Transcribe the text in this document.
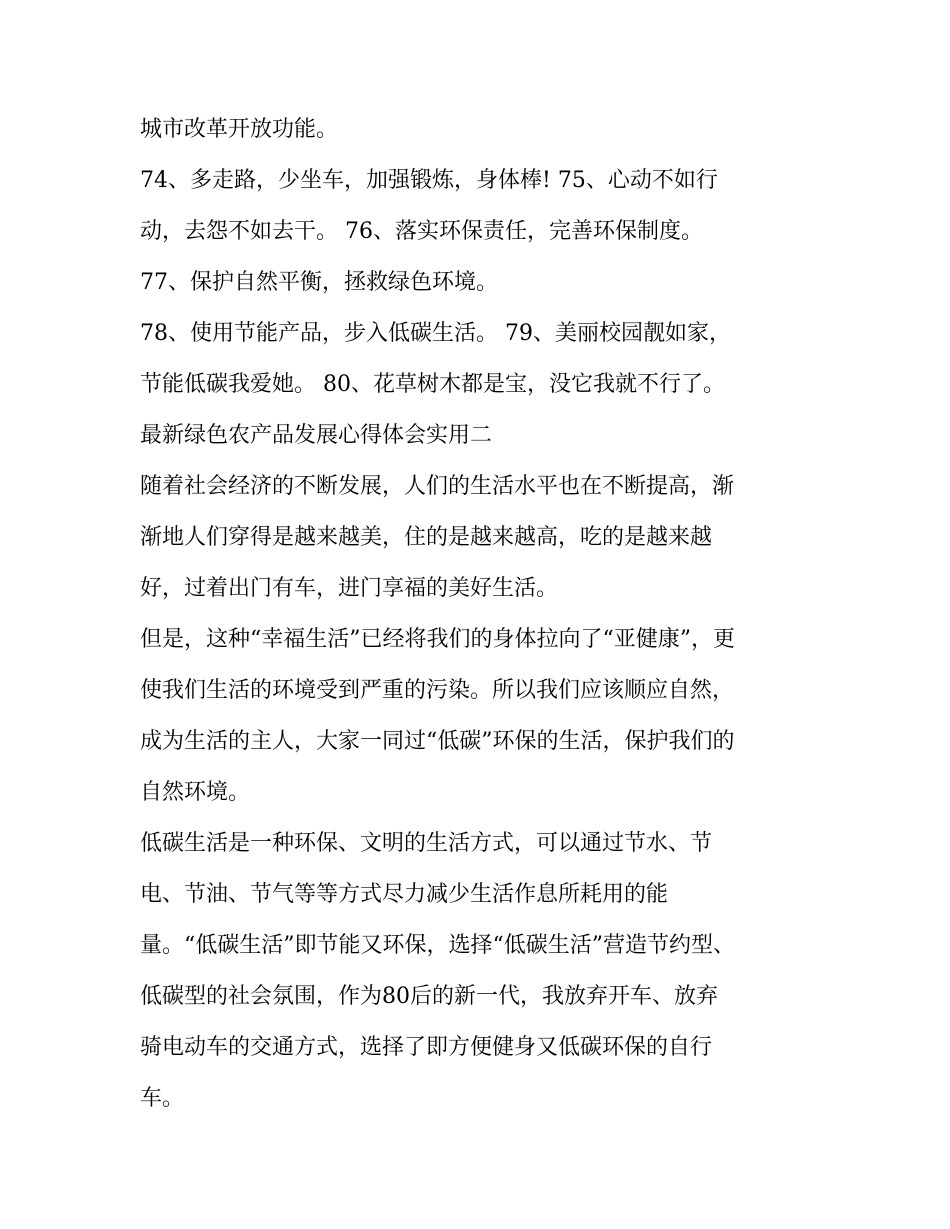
城市改革开放功能。
74、多走路，少坐车，加强锻炼，身体棒! 75、心动不如行
动，去怨不如去干。 76、落实环保责任，完善环保制度。
77、保护自然平衡，拯救绿色环境。
78、使用节能产品，步入低碳生活。 79、美丽校园靓如家，
节能低碳我爱她。 80、花草树木都是宝，没它我就不行了。
最新绿色农产品发展心得体会实用二
随着社会经济的不断发展，人们的生活水平也在不断提高，渐
渐地人们穿得是越来越美，住的是越来越高，吃的是越来越
好，过着出门有车，进门享福的美好生活。
但是，这种“幸福生活”已经将我们的身体拉向了“亚健康”，更
使我们生活的环境受到严重的污染。所以我们应该顺应自然，
成为生活的主人，大家一同过“低碳”环保的生活，保护我们的
自然环境。
低碳生活是一种环保、文明的生活方式，可以通过节水、节
电、节油、节气等等方式尽力减少生活作息所耗用的能
量。“低碳生活”即节能又环保，选择“低碳生活”营造节约型、
低碳型的社会氛围，作为80后的新一代，我放弃开车、放弃
骑电动车的交通方式，选择了即方便健身又低碳环保的自行
车。
